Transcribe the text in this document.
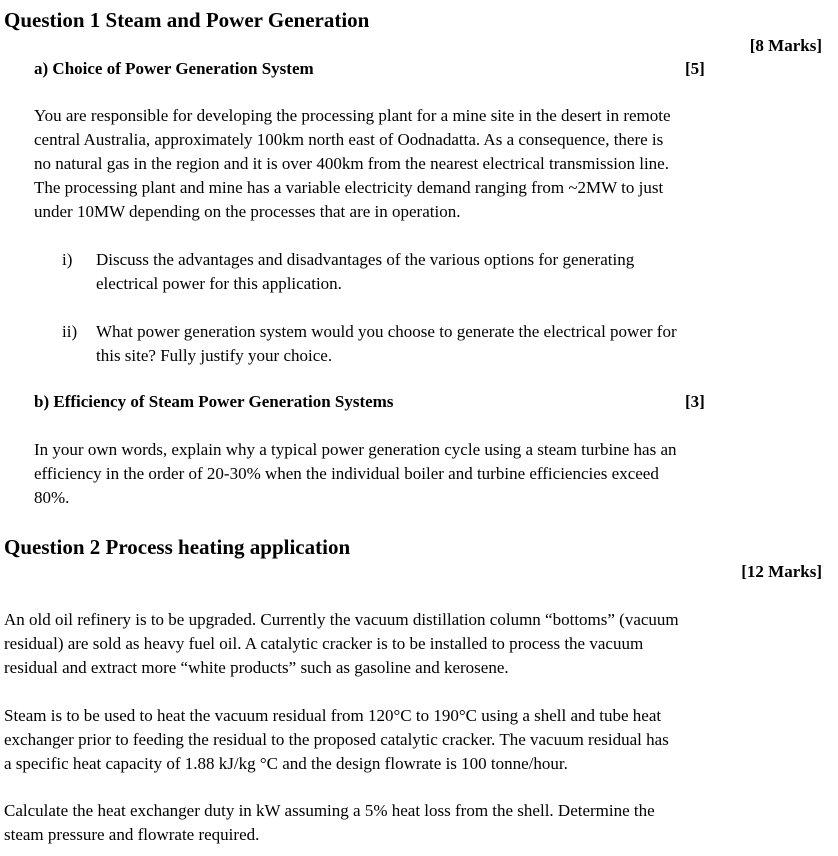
Question 1 Steam and Power Generation
[8 Marks]
a) Choice of Power Generation System	[5]
You are responsible for developing the processing plant for a mine site in the desert in remote
central Australia, approximately 100km north east of Oodnadatta. As a consequence, there is
no natural gas in the region and it is over 400km from the nearest electrical transmission line.
The processing plant and mine has a variable electricity demand ranging from ~2MW to just
under 10MW depending on the processes that are in operation.
i) Discuss the advantages and disadvantages of the various options for generating
electrical power for this application.
ii) What power generation system would you choose to generate the electrical power for
this site? Fully justify your choice.
b) Efficiency of Steam Power Generation Systems	[3]
In your own words, explain why a typical power generation cycle using a steam turbine has an
efficiency in the order of 20-30% when the individual boiler and turbine efficiencies exceed
80%.
Question 2 Process heating application
[12 Marks]
An old oil refinery is to be upgraded. Currently the vacuum distillation column “bottoms” (vacuum
residual) are sold as heavy fuel oil. A catalytic cracker is to be installed to process the vacuum
residual and extract more “white products” such as gasoline and kerosene.
Steam is to be used to heat the vacuum residual from 120°C to 190°C using a shell and tube heat
exchanger prior to feeding the residual to the proposed catalytic cracker. The vacuum residual has
a specific heat capacity of 1.88 kJ/kg °C and the design flowrate is 100 tonne/hour.
Calculate the heat exchanger duty in kW assuming a 5% heat loss from the shell. Determine the
steam pressure and flowrate required.
